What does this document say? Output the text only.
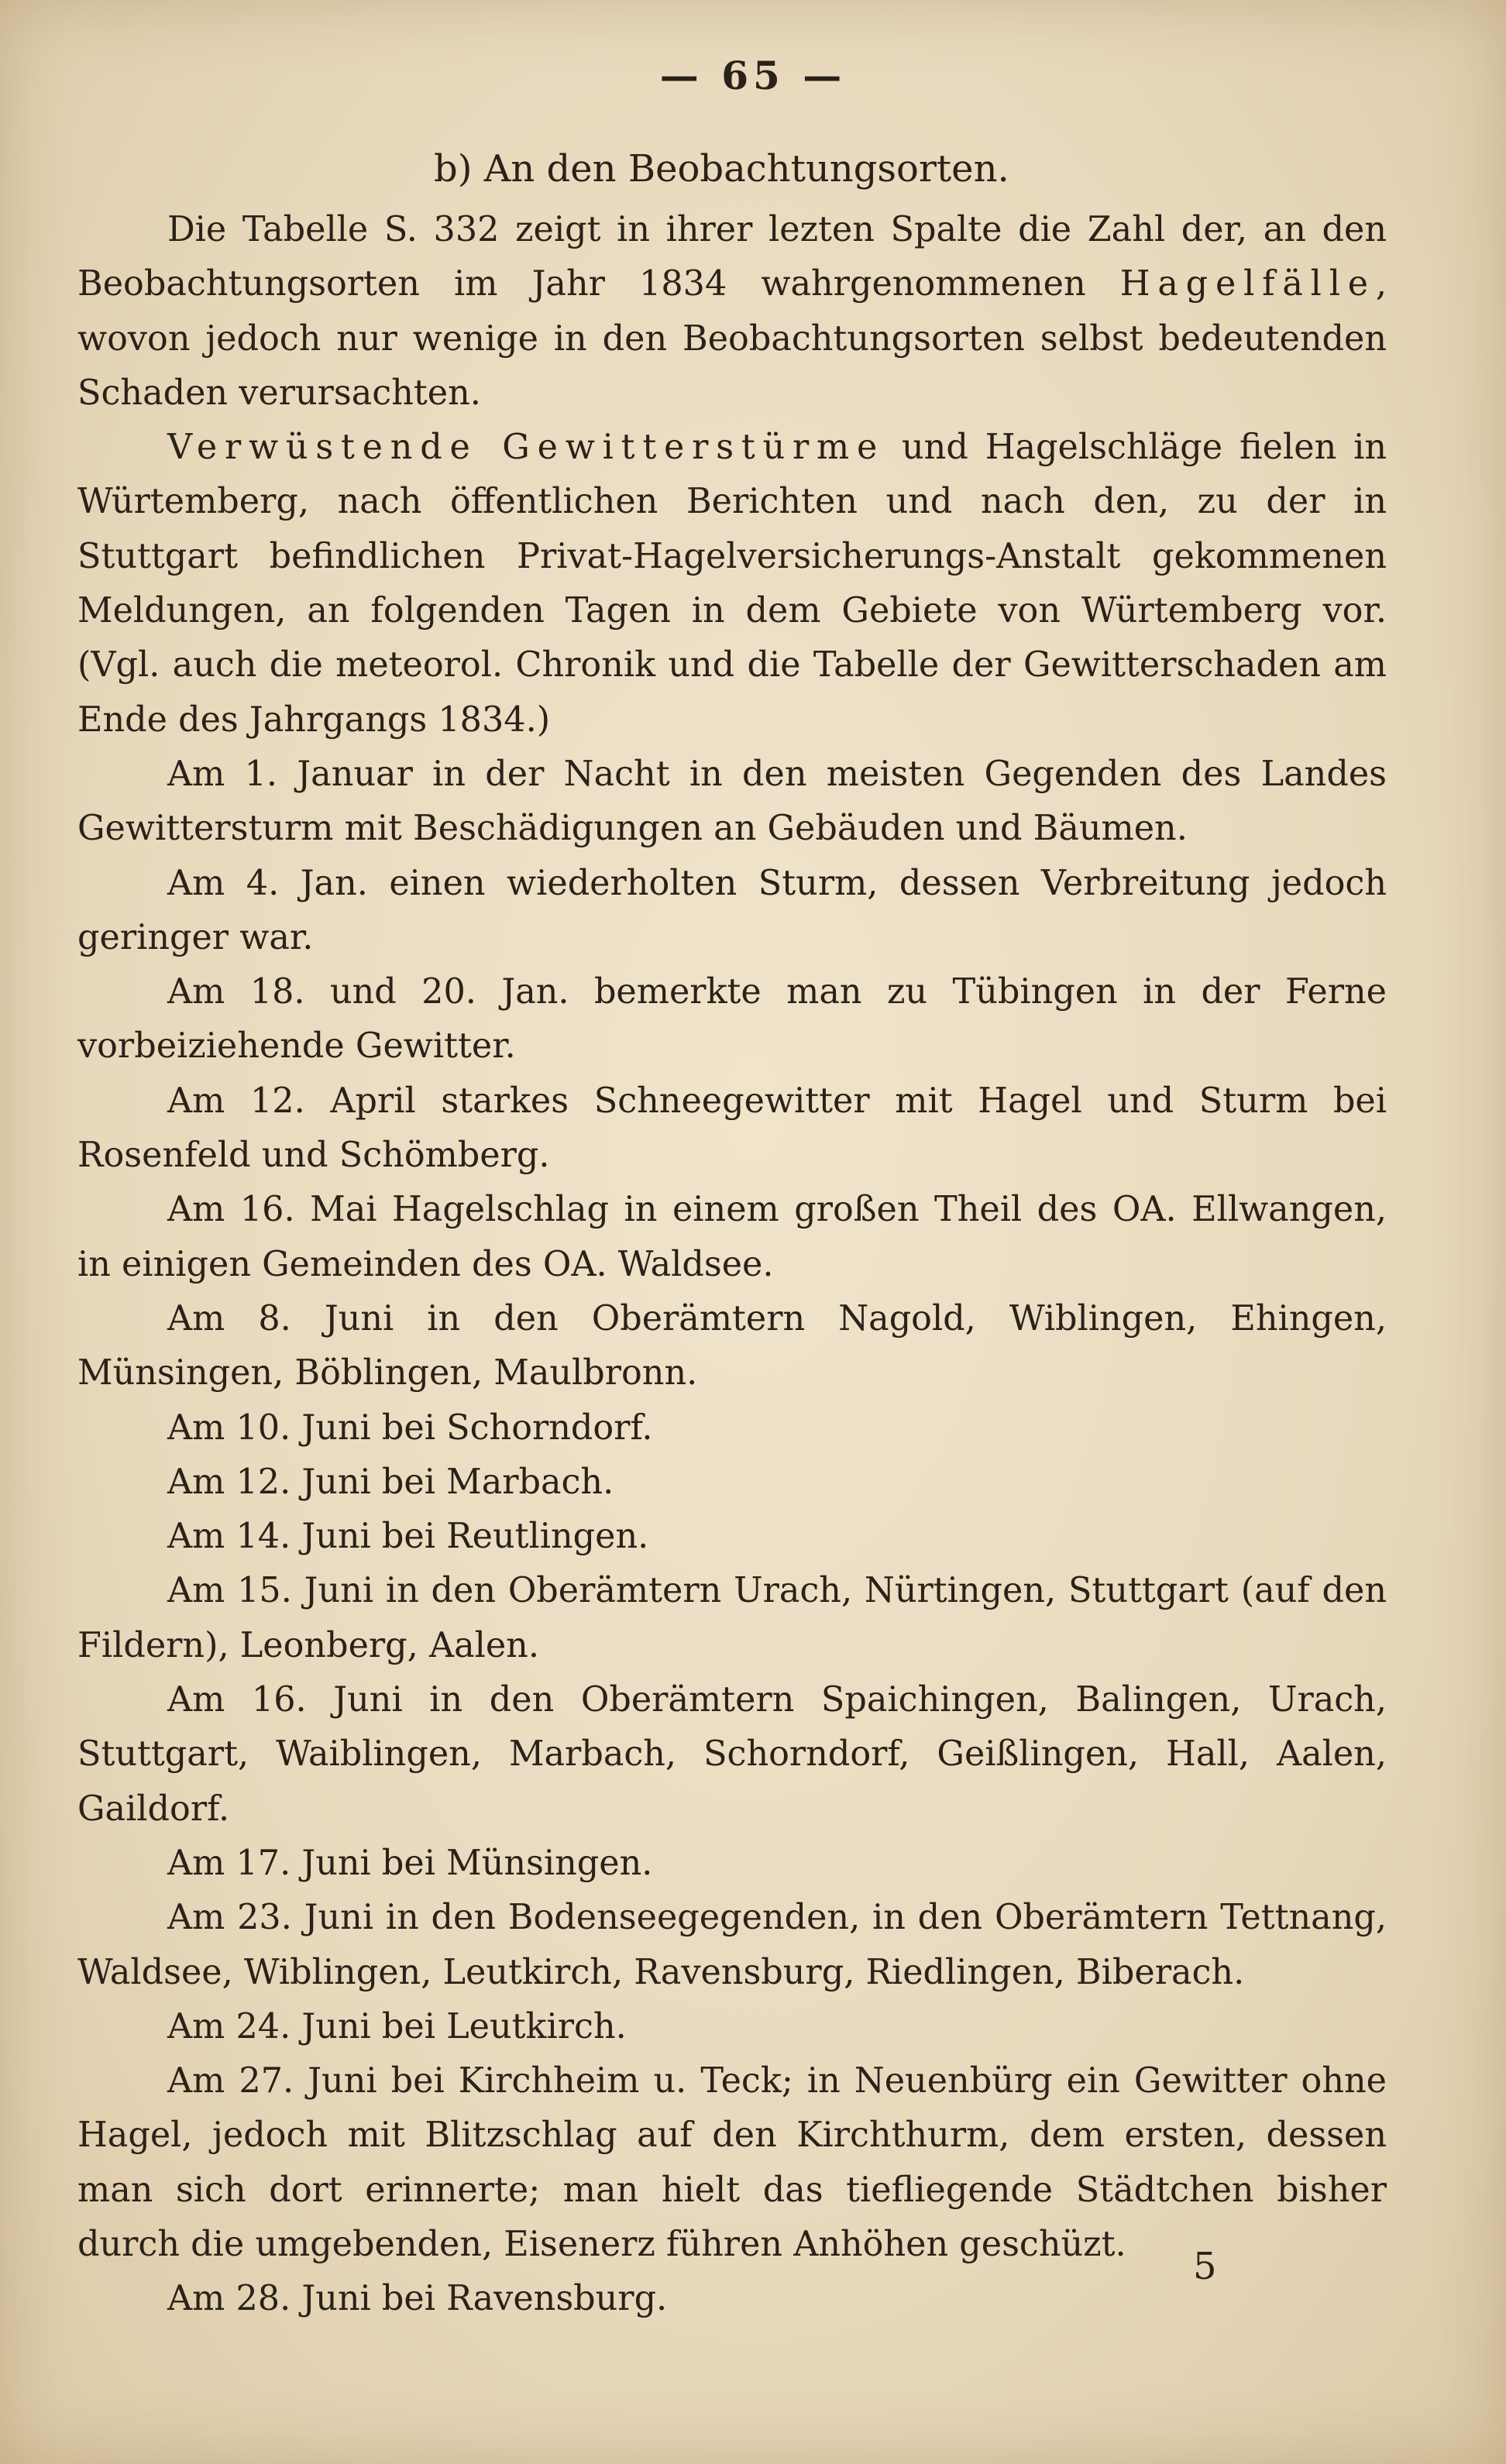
— 65 —
b) An den Beobachtungsorten.

Die Tabelle S. 332 zeigt in ihrer lezten Spalte die Zahl der, an den Beobachtungsorten im Jahr 1834 wahrgenommenen Hagelfälle, wovon jedoch nur wenige in den Beobachtungsorten selbst bedeutenden Schaden verursachten.

Verwüstende Gewitterstürme und Hagelschläge fielen in Würtemberg, nach öffentlichen Berichten und nach den, zu der in Stuttgart befindlichen Privat-Hagelversicherungs-Anstalt gekommenen Meldungen, an folgenden Tagen in dem Gebiete von Würtemberg vor. (Vgl. auch die meteorol. Chronik und die Tabelle der Gewitterschaden am Ende des Jahrgangs 1834.)

Am 1. Januar in der Nacht in den meisten Gegenden des Landes Gewittersturm mit Beschädigungen an Gebäuden und Bäumen.

Am 4. Jan. einen wiederholten Sturm, dessen Verbreitung jedoch geringer war.

Am 18. und 20. Jan. bemerkte man zu Tübingen in der Ferne vorbeiziehende Gewitter.

Am 12. April starkes Schneegewitter mit Hagel und Sturm bei Rosenfeld und Schömberg.

Am 16. Mai Hagelschlag in einem großen Theil des OA. Ellwangen, in einigen Gemeinden des OA. Waldsee.

Am 8. Juni in den Oberämtern Nagold, Wiblingen, Ehingen, Münsingen, Böblingen, Maulbronn.

Am 10. Juni bei Schorndorf.

Am 12. Juni bei Marbach.

Am 14. Juni bei Reutlingen.

Am 15. Juni in den Oberämtern Urach, Nürtingen, Stuttgart (auf den Fildern), Leonberg, Aalen.

Am 16. Juni in den Oberämtern Spaichingen, Balingen, Urach, Stuttgart, Waiblingen, Marbach, Schorndorf, Geißlingen, Hall, Aalen, Gaildorf.

Am 17. Juni bei Münsingen.

Am 23. Juni in den Bodenseegegenden, in den Oberämtern Tettnang, Waldsee, Wiblingen, Leutkirch, Ravensburg, Riedlingen, Biberach.

Am 24. Juni bei Leutkirch.

Am 27. Juni bei Kirchheim u. Teck; in Neuenbürg ein Gewitter ohne Hagel, jedoch mit Blitzschlag auf den Kirchthurm, dem ersten, dessen man sich dort erinnerte; man hielt das tiefliegende Städtchen bisher durch die umgebenden, Eisenerz führen Anhöhen geschüzt.

Am 28. Juni bei Ravensburg.

5
